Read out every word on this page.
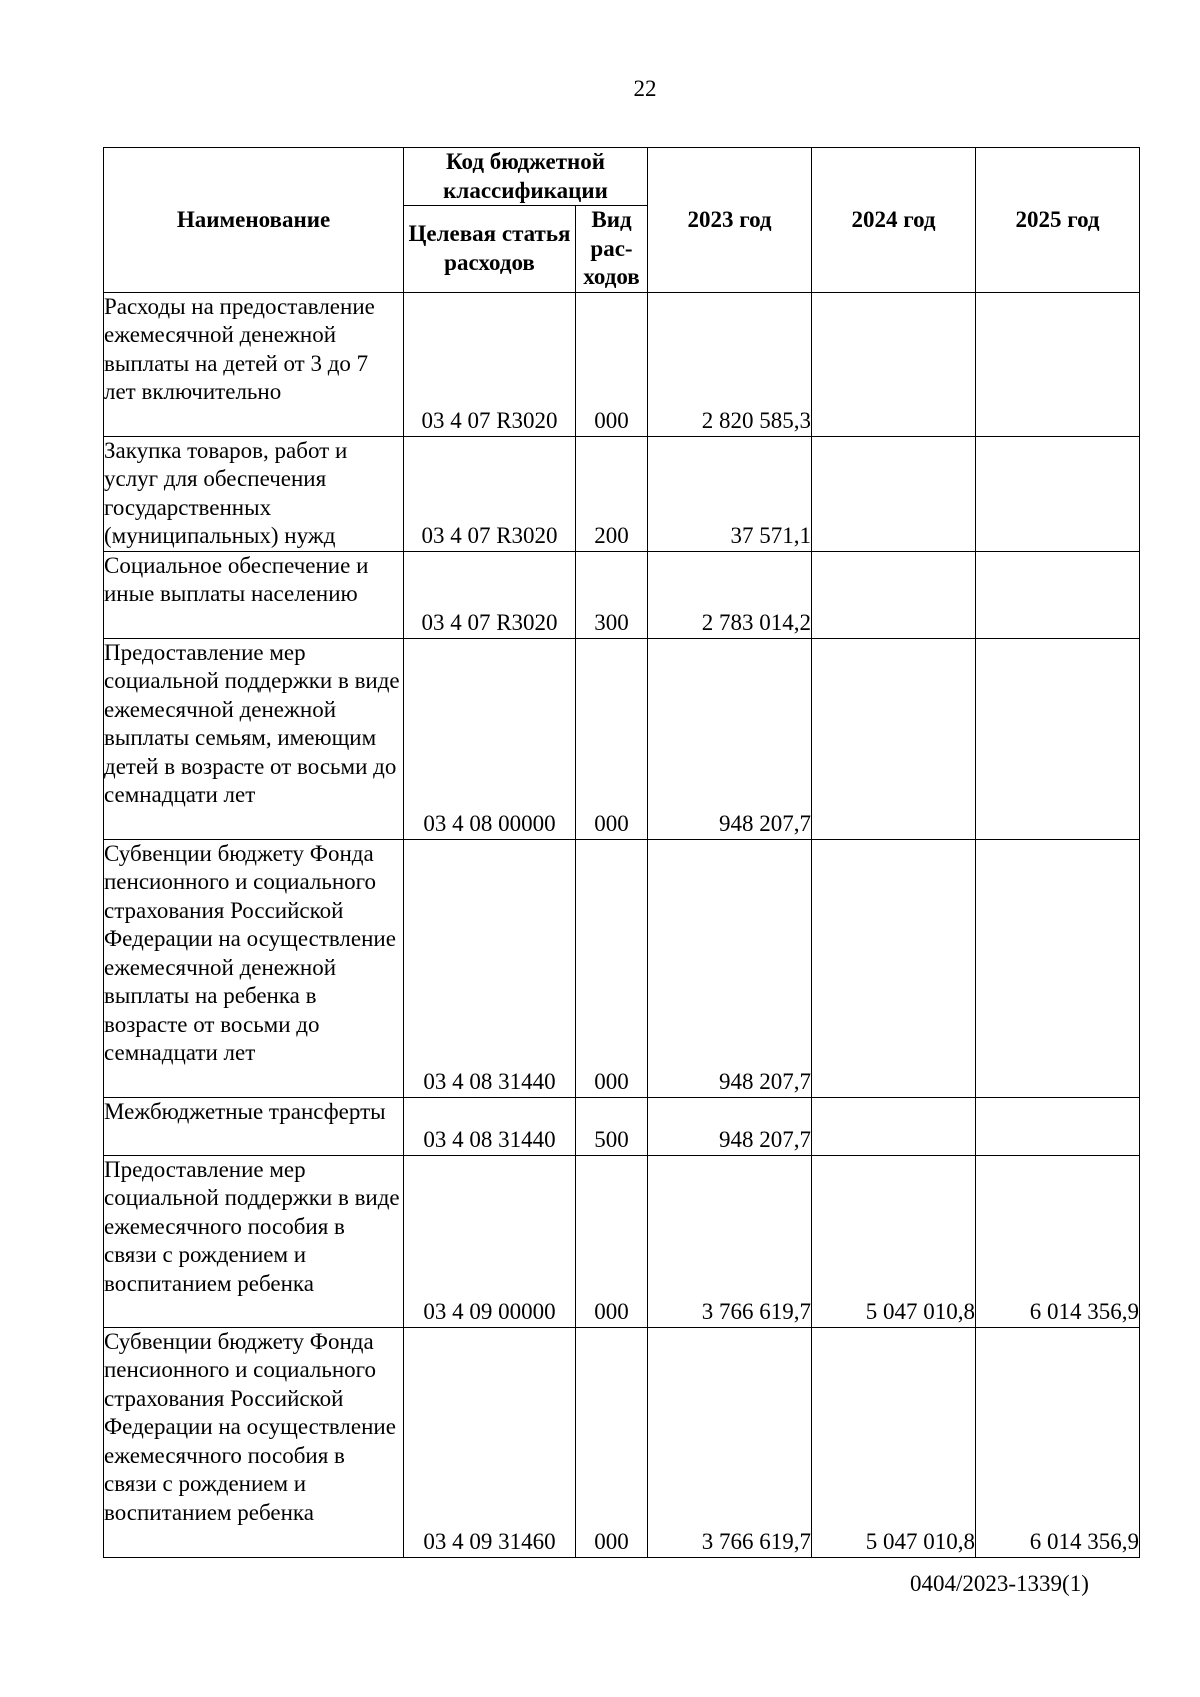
22
Наименование	Код бюджетной классификации		2023 год	2024 год	2025 год
	Целевая статья расходов	Вид рас-ходов			
Расходы на предоставление ежемесячной денежной выплаты на детей от 3 до 7 лет включительно	03 4 07 R3020	000	2 820 585,3		
Закупка товаров, работ и услуг для обеспечения государственных (муниципальных) нужд	03 4 07 R3020	200	37 571,1		
Социальное обеспечение и иные выплаты населению	03 4 07 R3020	300	2 783 014,2		
Предоставление мер социальной поддержки в виде ежемесячной денежной выплаты семьям, имеющим детей в возрасте от восьми до семнадцати лет	03 4 08 00000	000	948 207,7		
Субвенции бюджету Фонда пенсионного и социального страхования Российской Федерации на осуществление ежемесячной денежной выплаты на ребенка в возрасте от восьми до семнадцати лет	03 4 08 31440	000	948 207,7		
Межбюджетные трансферты	03 4 08 31440	500	948 207,7		
Предоставление мер социальной поддержки в виде ежемесячного пособия в связи с рождением и воспитанием ребенка	03 4 09 00000	000	3 766 619,7	5 047 010,8	6 014 356,9
Субвенции бюджету Фонда пенсионного и социального страхования Российской Федерации на осуществление ежемесячного пособия в связи с рождением и воспитанием ребенка	03 4 09 31460	000	3 766 619,7	5 047 010,8	6 014 356,9
0404/2023-1339(1)
